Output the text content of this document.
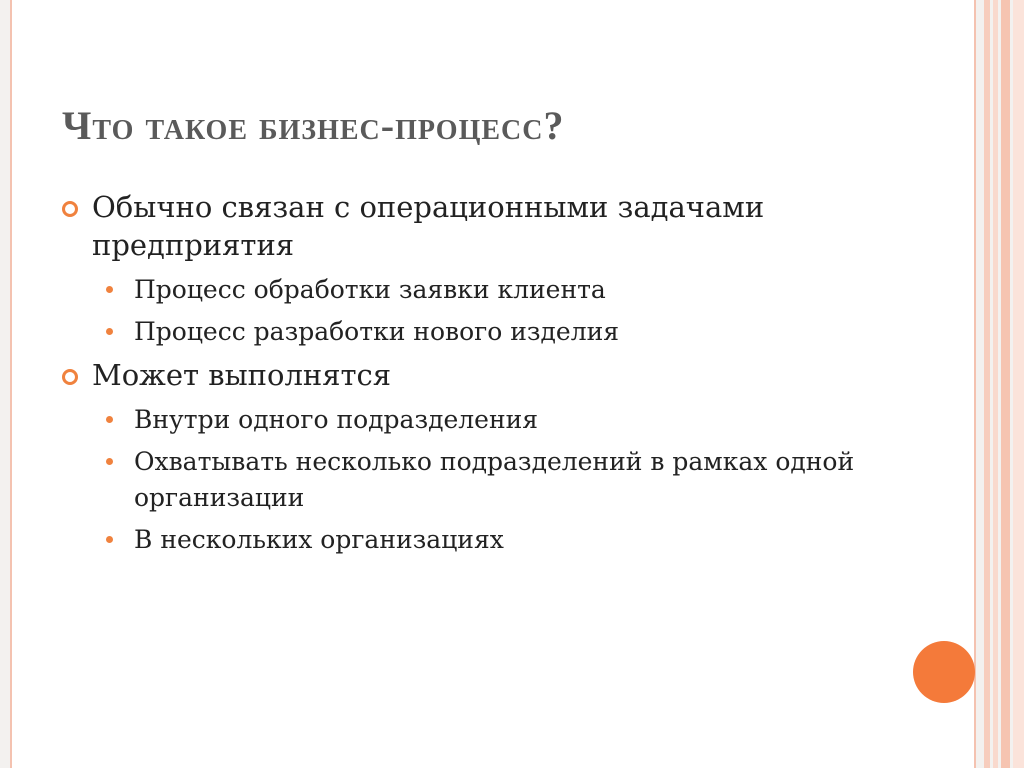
Что такое бизнес-процесс?
Обычно связан с операционными задачами предприятия
Процесс обработки заявки клиента
Процесс разработки нового изделия
Может выполнятся
Внутри одного подразделения
Охватывать несколько подразделений в рамках одной организации
В нескольких организациях
